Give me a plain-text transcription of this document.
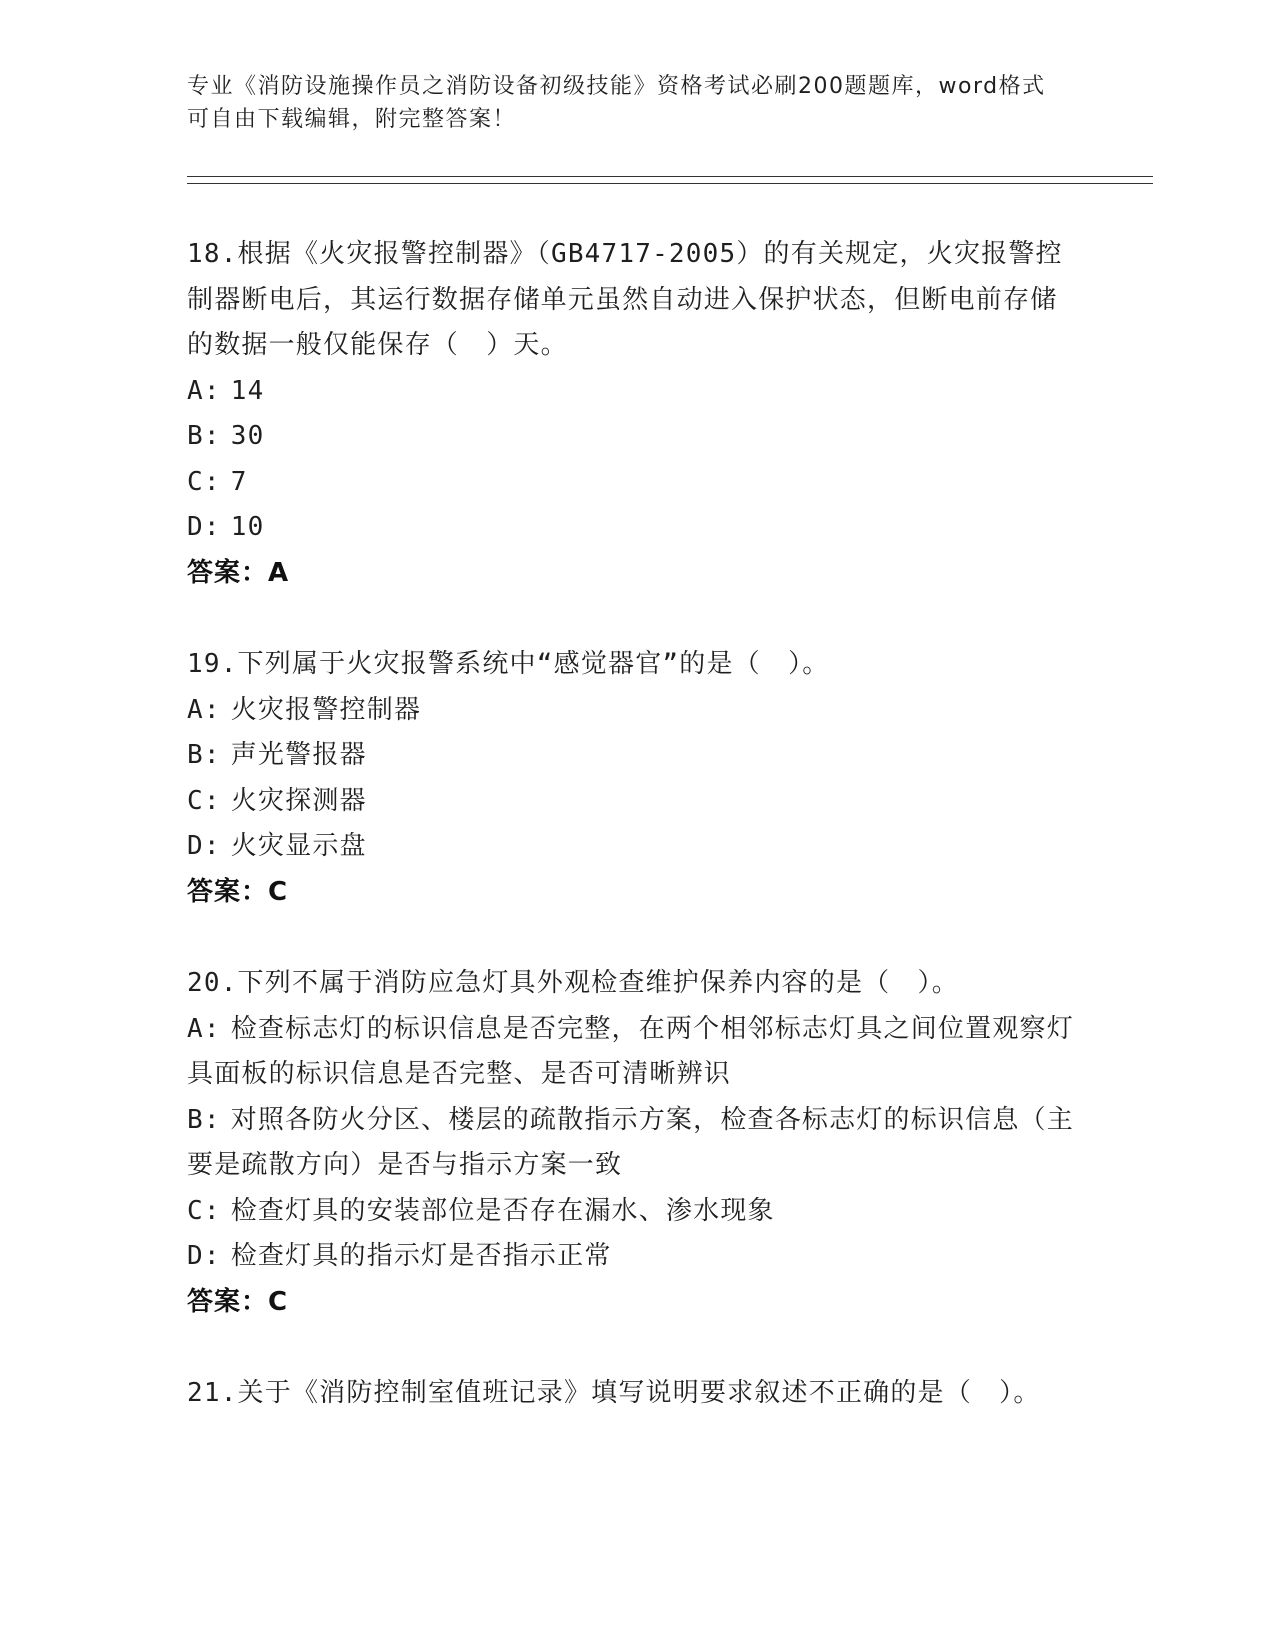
专业《消防设施操作员之消防设备初级技能》资格考试必刷200题题库，word格式可自由下载编辑，附完整答案！
18.根据《火灾报警控制器》（GB4717-2005）的有关规定，火灾报警控制器断电后，其运行数据存储单元虽然自动进入保护状态，但断电前存储的数据一般仅能保存（　）天。
A: 14
B: 30
C: 7
D: 10
答案：A
19.下列属于火灾报警系统中“感觉器官”的是（　）。
A: 火灾报警控制器
B: 声光警报器
C: 火灾探测器
D: 火灾显示盘
答案：C
20.下列不属于消防应急灯具外观检查维护保养内容的是（　）。
A: 检查标志灯的标识信息是否完整，在两个相邻标志灯具之间位置观察灯具面板的标识信息是否完整、是否可清晰辨识
B: 对照各防火分区、楼层的疏散指示方案，检查各标志灯的标识信息（主要是疏散方向）是否与指示方案一致
C: 检查灯具的安装部位是否存在漏水、渗水现象
D: 检查灯具的指示灯是否指示正常
答案：C
21.关于《消防控制室值班记录》填写说明要求叙述不正确的是（　）。
